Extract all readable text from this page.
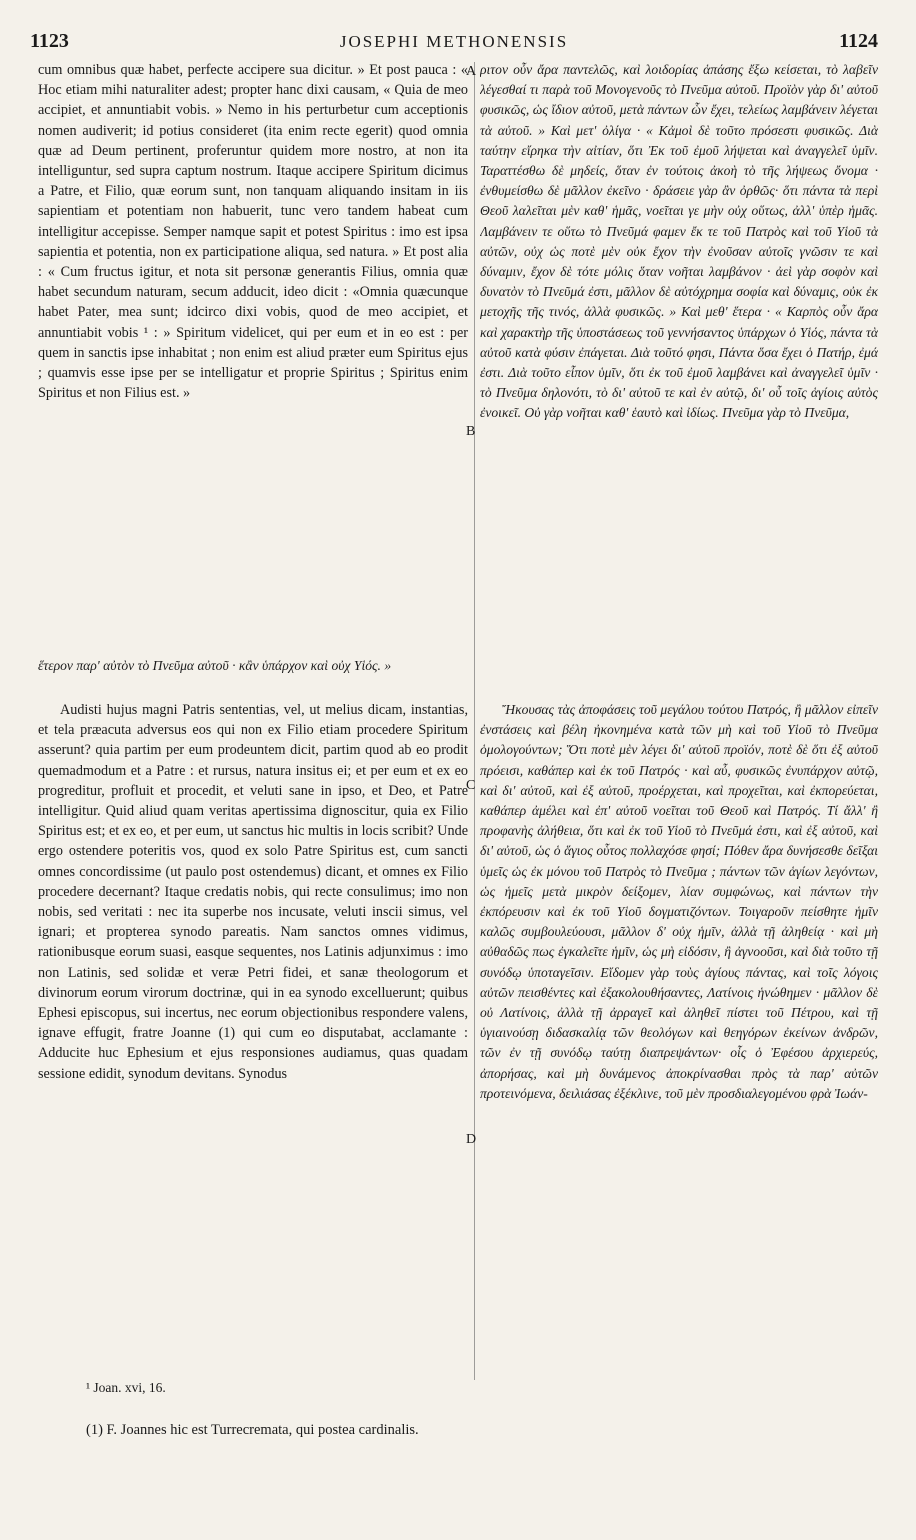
1123	JOSEPHI METHONENSIS	1124

cum omnibus quæ habet, perfecte accipere sua dicitur. » Et post pauca : « Hoc etiam mihi naturaliter adest; propter hanc dixi causam, « Quia de meo accipiet, et annuntiabit vobis. » Nemo in his perturbetur cum acceptionis nomen audiverit; id potius consideret (ita enim recte egerit) quod omnia quæ ad Deum pertinent, proferuntur quidem more nostro, at non ita intelliguntur, sed supra captum nostrum. Itaque accipere Spiritum dicimus a Patre, et Filio, quæ eorum sunt, non tanquam aliquando insitam in iis sapientiam et potentiam non habuerit, tunc vero tandem habeat cum intelligitur accepisse. Semper namque sapit et potest Spiritus : imo est ipsa sapientia et potentia, non ex participatione aliqua, sed natura. » Et post alia : « Cum fructus igitur, et nota sit personæ generantis Filius, omnia quæ habet secundum naturam, secum adducit, ideo dicit : «Omnia quæcunque habet Pater, mea sunt; idcirco dixi vobis, quod de meo accipiet, et annuntiabit vobis ¹ : » Spiritum videlicet, qui per eum et in eo est : per quem in sanctis ipse inhabitat ; non enim est aliud præter eum Spiritus ejus ; quamvis esse ipse per se intelligatur et proprie Spiritus ; Spiritus enim Spiritus et non Filius est. »

ἕτερον παρ' αὐτὸν τὸ Πνεῦμα αὐτοῦ · κἂν ὑπάρχον καὶ οὐχ Υἱός. »

ριτον οὖν ἄρα παντελῶς, καὶ λοιδορίας ἁπάσης ἔξω κείσεται, τὸ λαβεῖν λέγεσθαί τι παρὰ τοῦ Μονογενοῦς τὸ Πνεῦμα αὐτοῦ. Προϊὸν γὰρ δι' αὐτοῦ φυσικῶς, ὡς ἴδιον αὐτοῦ, μετὰ πάντων ὧν ἔχει, τελείως λαμβάνειν λέγεται τὰ αὐτοῦ. » Καὶ μετ' ὀλίγα · « Κἀμοὶ δὲ τοῦτο πρόσεστι φυσικῶς. Διὰ ταύτην εἴρηκα τὴν αἰτίαν, ὅτι Ἐκ τοῦ ἐμοῦ λήψεται καὶ ἀναγγελεῖ ὑμῖν. Ταραττέσθω δὲ μηδείς, ὅταν ἐν τούτοις ἀκοὴ τὸ τῆς λήψεως ὄνομα · ἐνθυμείσθω δὲ μᾶλλον ἐκεῖνο · δράσειε γὰρ ἂν ὀρθῶς· ὅτι πάντα τὰ περὶ Θεοῦ λαλεῖται μὲν καθ' ἡμᾶς, νοεῖται γε μὴν οὐχ οὕτως, ἀλλ' ὑπὲρ ἡμᾶς. Λαμβάνειν τε οὕτω τὸ Πνεῦμά φαμεν ἔκ τε τοῦ Πατρὸς καὶ τοῦ Υἱοῦ τὰ αὐτῶν, οὐχ ὡς ποτὲ μὲν οὐκ ἔχον τὴν ἐνοῦσαν αὐτοῖς γνῶσιν τε καὶ δύναμιν, ἔχον δὲ τότε μόλις ὅταν νοῆται λαμβάνον · ἀεὶ γὰρ σοφὸν καὶ δυνατὸν τὸ Πνεῦμά ἐστι, μᾶλλον δὲ αὐτόχρημα σοφία καὶ δύναμις, οὐκ ἐκ μετοχῆς τῆς τινός, ἀλλὰ φυσικῶς. » Καὶ μεθ' ἕτερα · « Καρπὸς οὖν ἄρα καὶ χαρακτὴρ τῆς ὑποστάσεως τοῦ γεννήσαντος ὑπάρχων ὁ Υἱός, πάντα τὰ αὐτοῦ κατὰ φύσιν ἐπάγεται. Διὰ τοῦτό φησι, Πάντα ὅσα ἔχει ὁ Πατήρ, ἐμά ἐστι. Διὰ τοῦτο εἶπον ὑμῖν, ὅτι ἐκ τοῦ ἐμοῦ λαμβάνει καὶ ἀναγγελεῖ ὑμῖν · τὸ Πνεῦμα δηλονότι, τὸ δι' αὐτοῦ τε καὶ ἐν αὐτῷ, δι' οὗ τοῖς ἁγίοις αὐτὸς ἐνοικεῖ. Οὐ γὰρ νοῆται καθ' ἑαυτὸ καὶ ἰδίως. Πνεῦμα γὰρ τὸ Πνεῦμα,

Audisti hujus magni Patris sententias, vel, ut melius dicam, instantias, et tela præacuta adversus eos qui non ex Filio etiam procedere Spiritum asserunt? quia partim per eum prodeuntem dicit, partim quod ab eo prodit quemadmodum et a Patre : et rursus, natura insitus ei; et per eum et ex eo progreditur, profluit et procedit, et veluti sane in ipso, et Deo, et Patre intelligitur. Quid aliud quam veritas apertissima dignoscitur, quia ex Filio Spiritus est; et ex eo, et per eum, ut sanctus hic multis in locis scribit? Unde ergo ostendere poteritis vos, quod ex solo Patre Spiritus est, cum sancti omnes concordissime (ut paulo post ostendemus) dicant, et omnes ex Filio procedere decernant? Itaque credatis nobis, qui recte consulimus; imo non nobis, sed veritati : nec ita superbe nos incusate, veluti inscii simus, vel ignari; et propterea synodo pareatis. Nam sanctos omnes vidimus, rationibusque eorum suasi, easque sequentes, nos Latinis adjunximus : imo non Latinis, sed solidæ et veræ Petri fidei, et sanæ theologorum et divinorum eorum virorum doctrinæ, qui in ea synodo excelluerunt; quibus Ephesi episcopus, sui incertus, nec eorum objectionibus respondere valens, ignave effugit, fratre Joanne (1) qui cum eo disputabat, acclamante : Adducite huc Ephesium et ejus responsiones audiamus, quas quadam sessione edidit, synodum devitans. Synodus

Ἤκουσας τὰς ἀποφάσεις τοῦ μεγάλου τούτου Πατρός, ἢ μᾶλλον εἰπεῖν ἐνστάσεις καὶ βέλη ἠκονημένα κατὰ τῶν μὴ καὶ τοῦ Υἱοῦ τὸ Πνεῦμα ὁμολογούντων; Ὅτι ποτὲ μὲν λέγει δι' αὐτοῦ προϊόν, ποτὲ δὲ ὅτι ἐξ αὐτοῦ πρόεισι, καθάπερ καὶ ἐκ τοῦ Πατρός · καὶ αὖ, φυσικῶς ἐνυπάρχον αὐτῷ, καὶ δι' αὐτοῦ, καὶ ἐξ αὐτοῦ, προέρχεται, καὶ προχεῖται, καὶ ἐκπορεύεται, καθάπερ ἀμέλει καὶ ἐπ' αὐτοῦ νοεῖται τοῦ Θεοῦ καὶ Πατρός. Τί ἄλλ' ἢ προφανὴς ἀλήθεια, ὅτι καὶ ἐκ τοῦ Υἱοῦ τὸ Πνεῦμά ἐστι, καὶ ἐξ αὐτοῦ, καὶ δι' αὐτοῦ, ὡς ὁ ἅγιος οὗτος πολλαχόσε φησί; Πόθεν ἄρα δυνήσεσθε δεῖξαι ὑμεῖς ὡς ἐκ μόνου τοῦ Πατρὸς τὸ Πνεῦμα ; πάντων τῶν ἁγίων λεγόντων, ὡς ἡμεῖς μετὰ μικρὸν δείξομεν, λίαν συμφώνως, καὶ πάντων τὴν ἐκπόρευσιν καὶ ἐκ τοῦ Υἱοῦ δογματιζόντων. Τοιγαροῦν πείσθητε ἡμῖν καλῶς συμβουλεύουσι, μᾶλλον δ' οὐχ ἡμῖν, ἀλλὰ τῇ ἀληθείᾳ · καὶ μὴ αὐθαδῶς πως ἐγκαλεῖτε ἡμῖν, ὡς μὴ εἰδόσιν, ἢ ἀγνοοῦσι, καὶ διὰ τοῦτο τῇ συνόδῳ ὑποταγεῖσιν. Εἴδομεν γὰρ τοὺς ἁγίους πάντας, καὶ τοῖς λόγοις αὐτῶν πεισθέντες καὶ ἐξακολουθήσαντες, Λατίνοις ἡνώθημεν · μᾶλλον δὲ οὐ Λατίνοις, ἀλλὰ τῇ ἀρραγεῖ καὶ ἀληθεῖ πίστει τοῦ Πέτρου, καὶ τῇ ὑγιαινούσῃ διδασκαλίᾳ τῶν θεολόγων καὶ θεηγόρων ἐκείνων ἀνδρῶν, τῶν ἐν τῇ συνόδῳ ταύτῃ διαπρεψάντων· οἷς ὁ Ἐφέσου ἀρχιερεύς, ἀπορήσας, καὶ μὴ δυνάμενος ἀποκρίνασθαι πρὸς τὰ παρ' αὐτῶν προτεινόμενα, δειλιάσας ἐξέκλινε, τοῦ μὲν προσδιαλεγομένου φρὰ Ἰωάν-

A
B
C
D
¹ Joan. xvi, 16.
(1) F. Joannes hic est Turrecremata, qui postea cardinalis.
